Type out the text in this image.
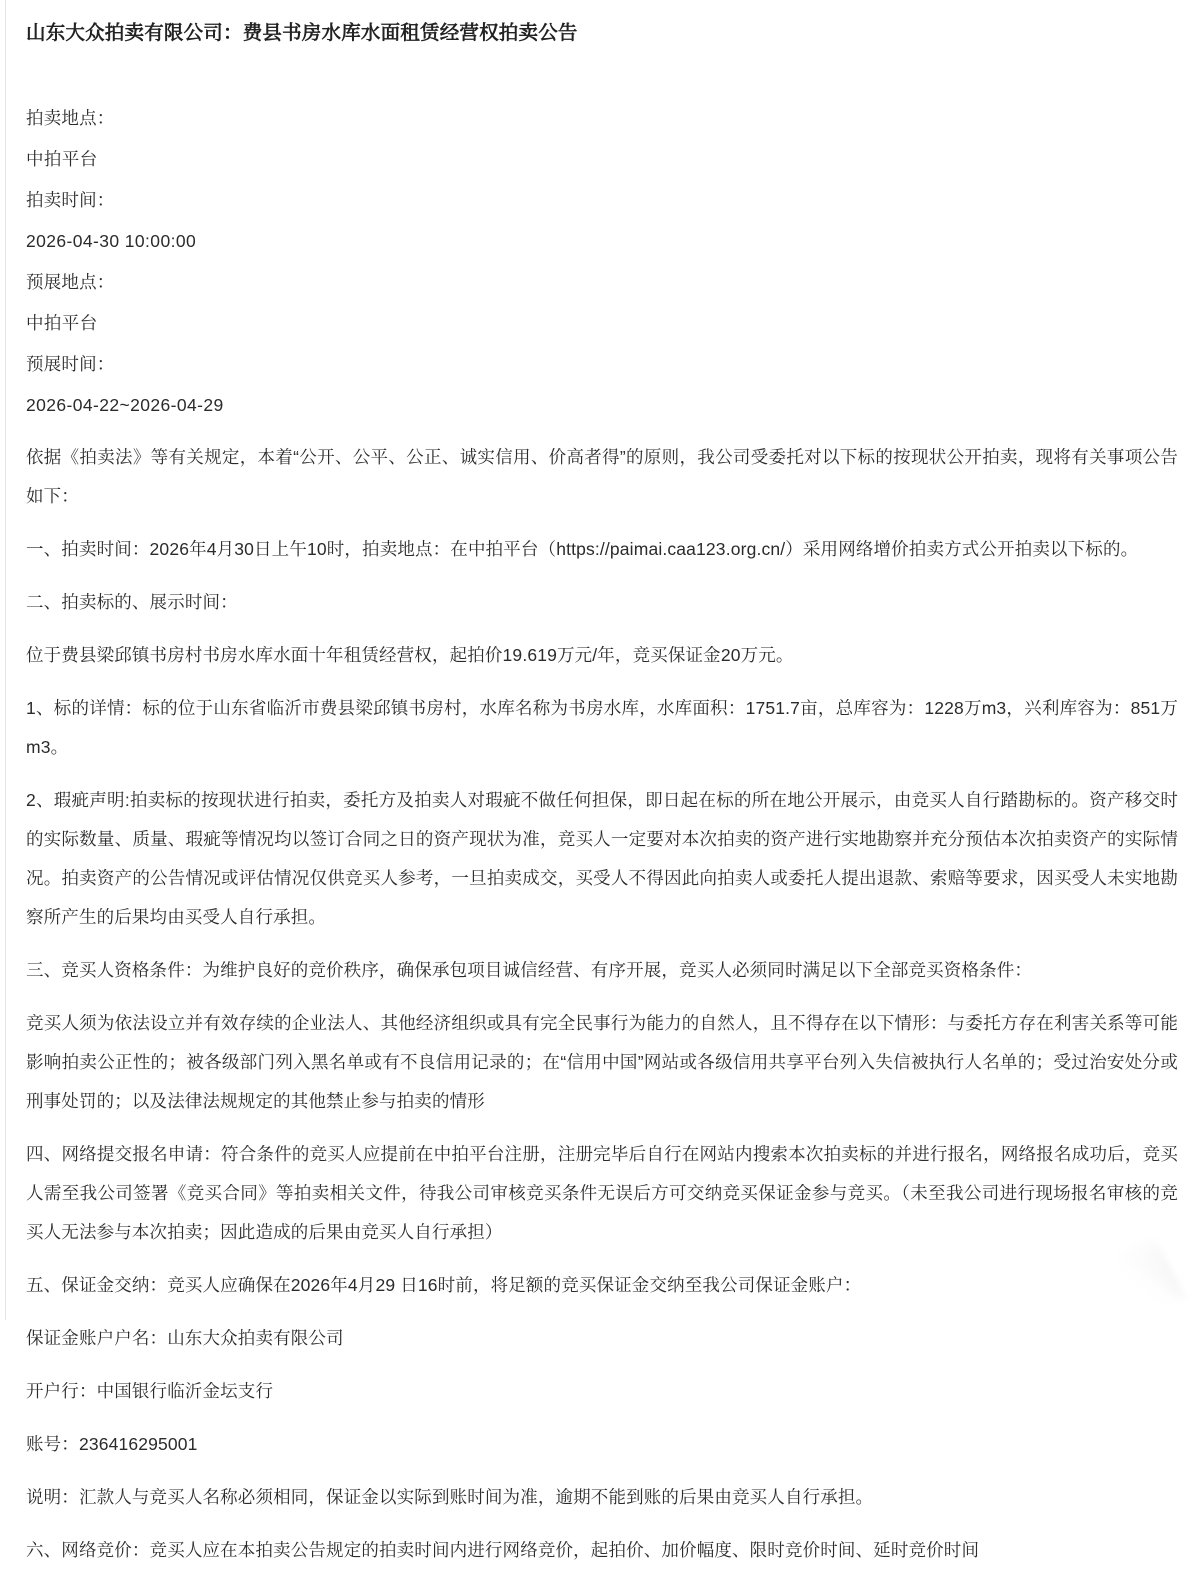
山东大众拍卖有限公司：费县书房水库水面租赁经营权拍卖公告
拍卖地点：
中拍平台
拍卖时间：
2026-04-30 10:00:00
预展地点：
中拍平台
预展时间：
2026-04-22~2026-04-29

依据《拍卖法》等有关规定，本着“公开、公平、公正、诚实信用、价高者得”的原则，我公司受委托对以下标的按现状公开拍卖，现将有关事项公告如下：

一、拍卖时间：2026年4月30日上午10时，拍卖地点：在中拍平台（https://paimai.caa123.org.cn/）采用网络增价拍卖方式公开拍卖以下标的。

二、拍卖标的、展示时间：

位于费县梁邱镇书房村书房水库水面十年租赁经营权，起拍价19.619万元/年，竞买保证金20万元。

1、标的详情：标的位于山东省临沂市费县梁邱镇书房村，水库名称为书房水库，水库面积：1751.7亩，总库容为：1228万m3，兴利库容为：851万m3。

2、瑕疵声明:拍卖标的按现状进行拍卖，委托方及拍卖人对瑕疵不做任何担保，即日起在标的所在地公开展示，由竞买人自行踏勘标的。资产移交时的实际数量、质量、瑕疵等情况均以签订合同之日的资产现状为准，竞买人一定要对本次拍卖的资产进行实地勘察并充分预估本次拍卖资产的实际情况。拍卖资产的公告情况或评估情况仅供竞买人参考，一旦拍卖成交，买受人不得因此向拍卖人或委托人提出退款、索赔等要求，因买受人未实地勘察所产生的后果均由买受人自行承担。

三、竞买人资格条件：为维护良好的竞价秩序，确保承包项目诚信经营、有序开展，竞买人必须同时满足以下全部竞买资格条件：

竞买人须为依法设立并有效存续的企业法人、其他经济组织或具有完全民事行为能力的自然人，且不得存在以下情形：与委托方存在利害关系等可能影响拍卖公正性的；被各级部门列入黑名单或有不良信用记录的；在“信用中国”网站或各级信用共享平台列入失信被执行人名单的；受过治安处分或刑事处罚的；以及法律法规规定的其他禁止参与拍卖的情形

四、网络提交报名申请：符合条件的竞买人应提前在中拍平台注册，注册完毕后自行在网站内搜索本次拍卖标的并进行报名，网络报名成功后，竞买人需至我公司签署《竞买合同》等拍卖相关文件，待我公司审核竞买条件无误后方可交纳竞买保证金参与竞买。（未至我公司进行现场报名审核的竞买人无法参与本次拍卖；因此造成的后果由竞买人自行承担）

五、保证金交纳：竞买人应确保在2026年4月29 日16时前，将足额的竞买保证金交纳至我公司保证金账户：

保证金账户户名：山东大众拍卖有限公司

开户行：中国银行临沂金坛支行

账号：236416295001

说明：汇款人与竞买人名称必须相同，保证金以实际到账时间为准，逾期不能到账的后果由竞买人自行承担。

六、网络竞价：竞买人应在本拍卖公告规定的拍卖时间内进行网络竞价，起拍价、加价幅度、限时竞价时间、延时竞价时间
